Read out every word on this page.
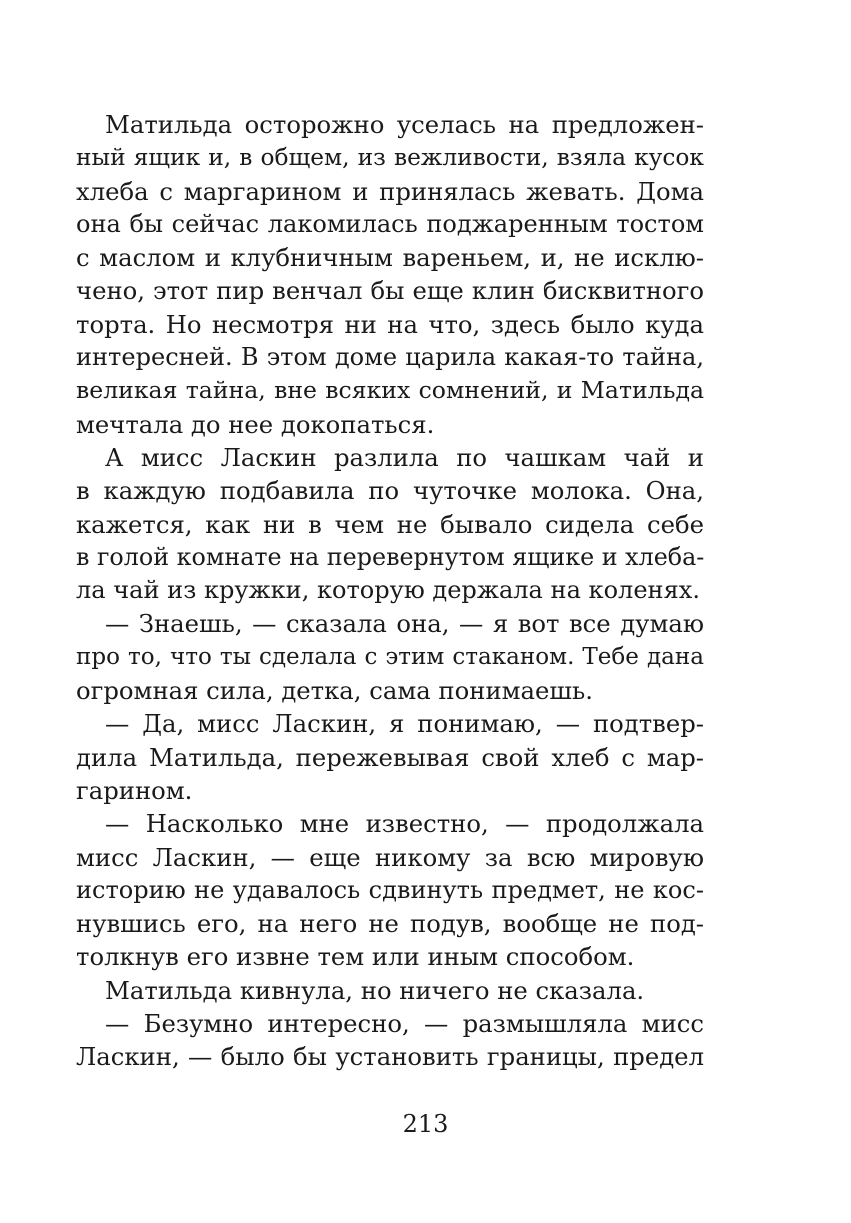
Матильда осторожно уселась на предложен-
ный ящик и, в общем, из вежливости, взяла кусок
хлеба с маргарином и принялась жевать. Дома
она бы сейчас лакомилась поджаренным тостом
с маслом и клубничным вареньем, и, не исклю-
чено, этот пир венчал бы еще клин бисквитного
торта. Но несмотря ни на что, здесь было куда
интересней. В этом доме царила какая-то тайна,
великая тайна, вне всяких сомнений, и Матильда
мечтала до нее докопаться.
А мисс Ласкин разлила по чашкам чай и
в каждую подбавила по чуточке молока. Она,
кажется, как ни в чем не бывало сидела себе
в голой комнате на перевернутом ящике и хлеба-
ла чай из кружки, которую держала на коленях.
— Знаешь, — сказала она, — я вот все думаю
про то, что ты сделала с этим стаканом. Тебе дана
огромная сила, детка, сама понимаешь.
— Да, мисс Ласкин, я понимаю, — подтвер-
дила Матильда, пережевывая свой хлеб с мар-
гарином.
— Насколько мне известно, — продолжала
мисс Ласкин, — еще никому за всю мировую
историю не удавалось сдвинуть предмет, не кос-
нувшись его, на него не подув, вообще не под-
толкнув его извне тем или иным способом.
Матильда кивнула, но ничего не сказала.
— Безумно интересно, — размышляла мисс
Ласкин, — было бы установить границы, предел
213
